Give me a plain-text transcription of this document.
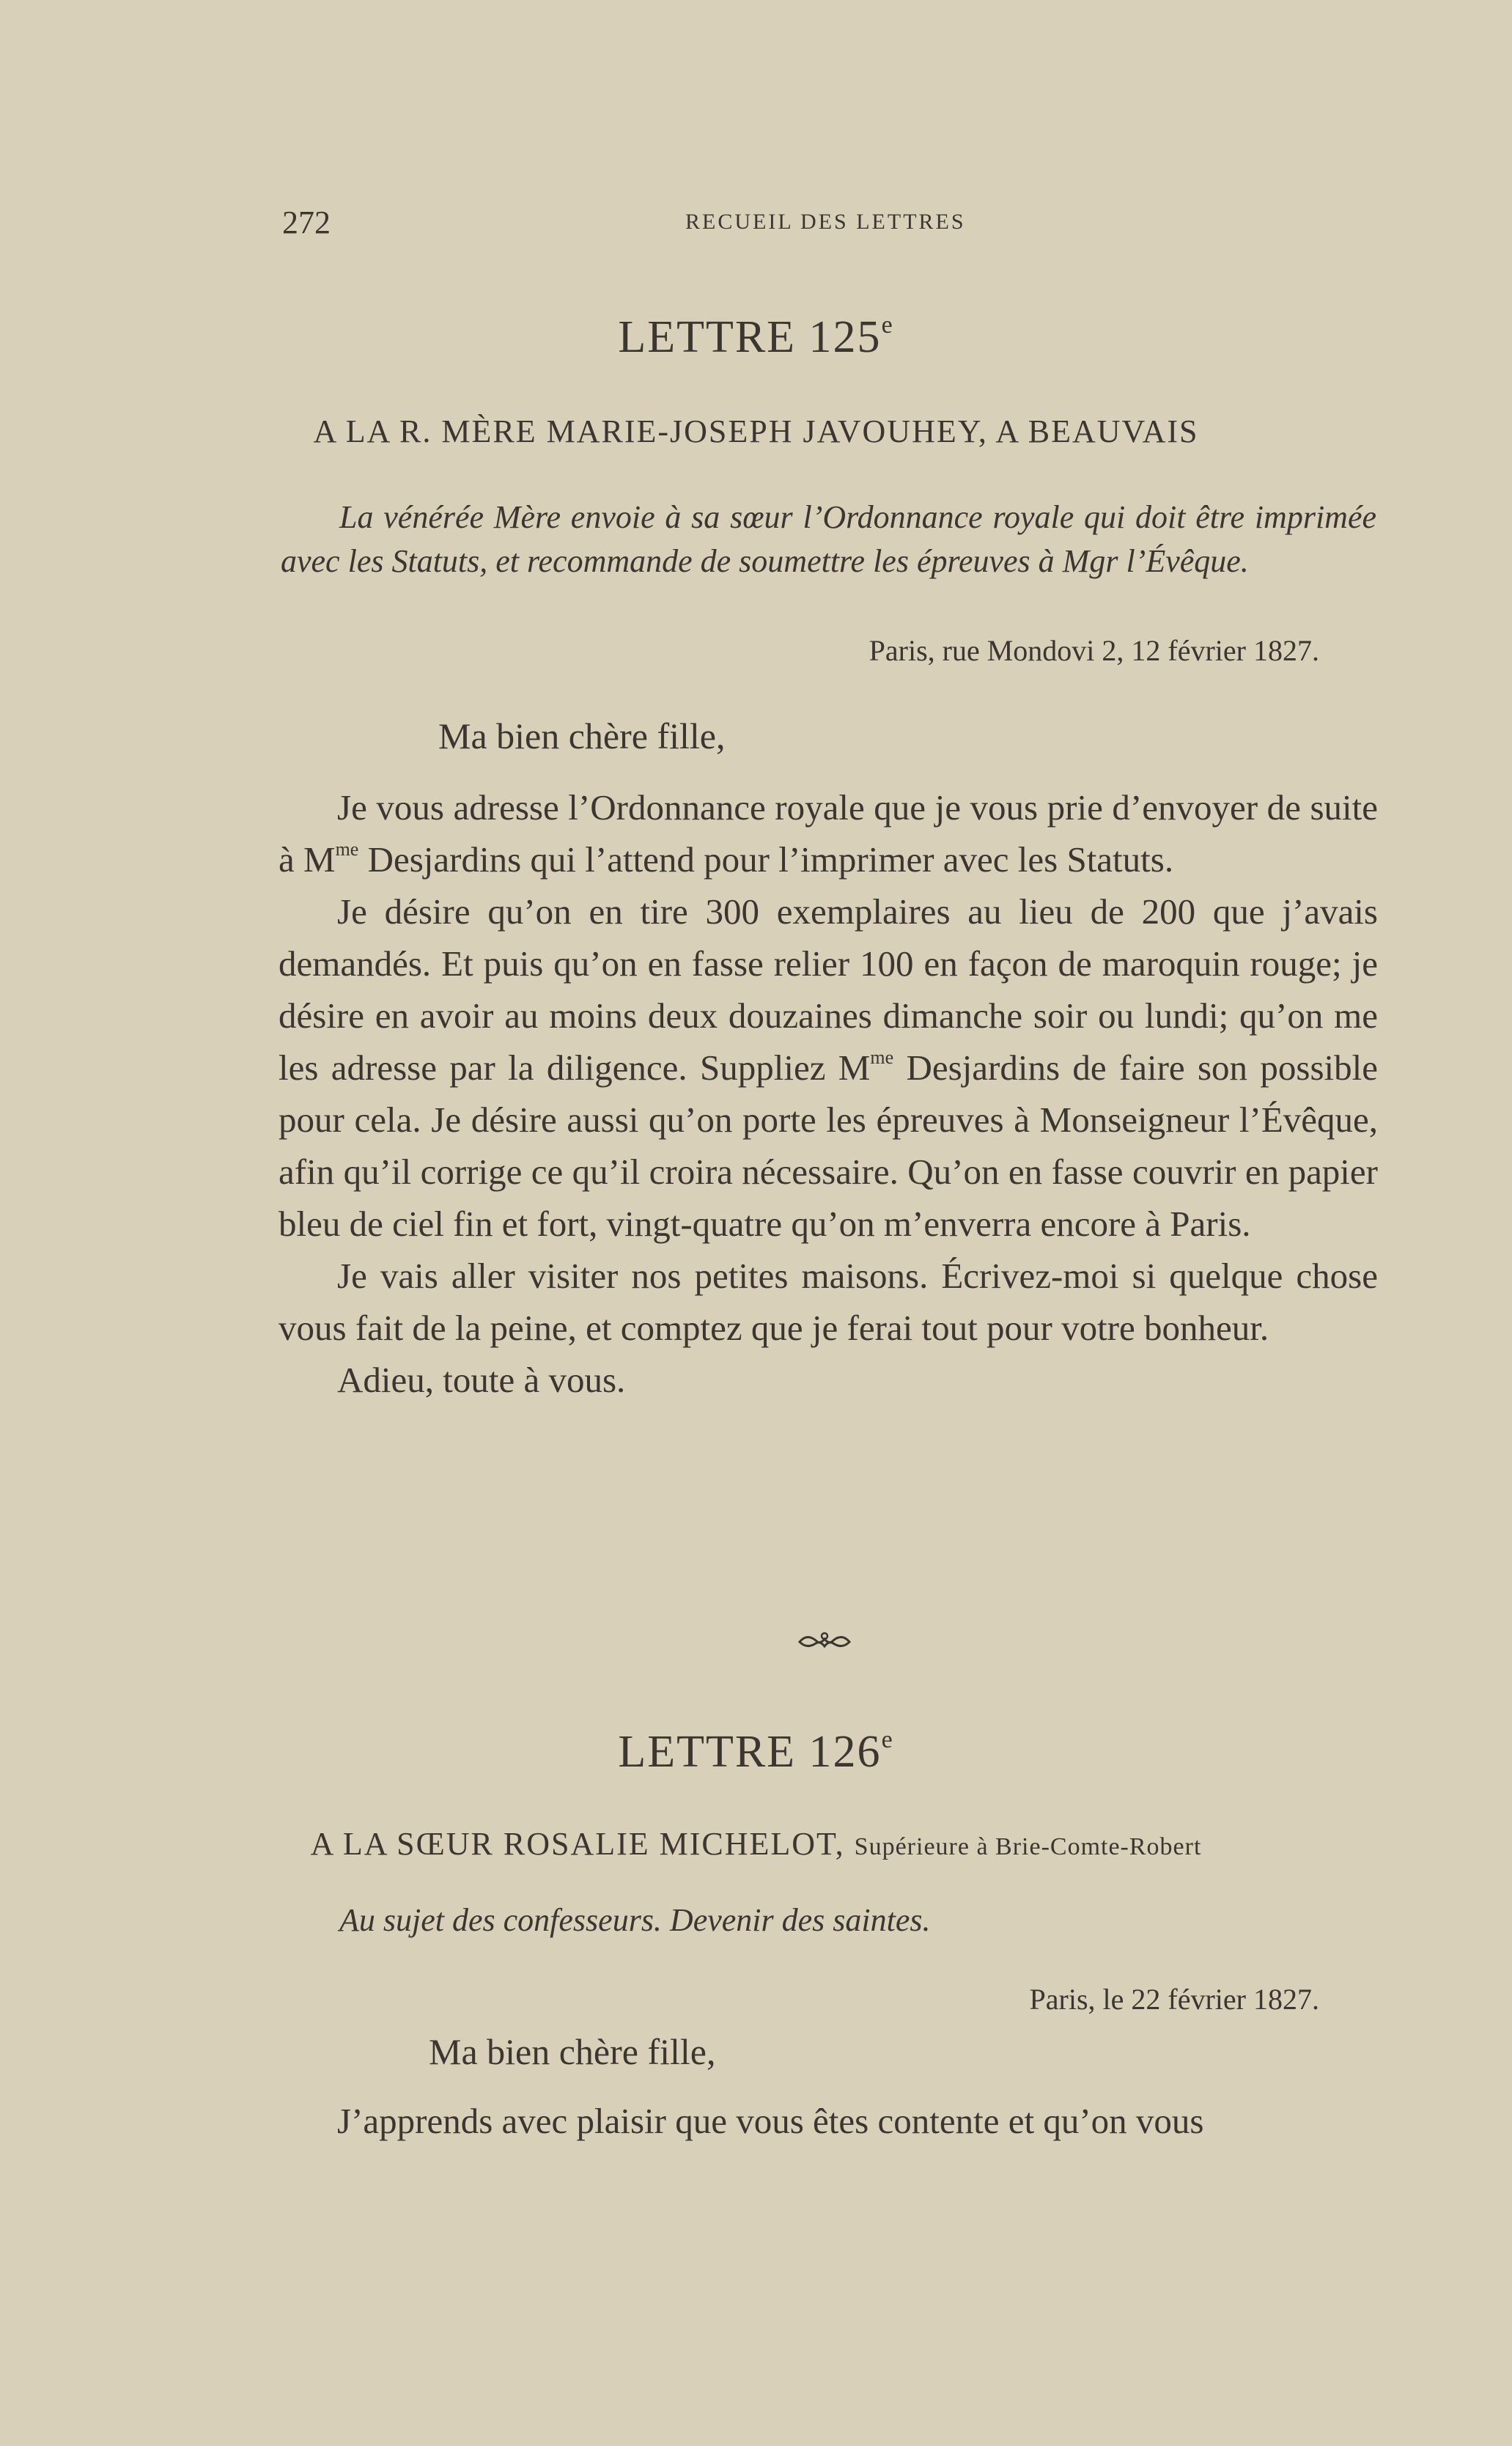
272	RECUEIL DES LETTRES
LETTRE 125e
A LA R. MÈRE MARIE-JOSEPH JAVOUHEY, A BEAUVAIS
La vénérée Mère envoie à sa sœur l’Ordonnance royale qui doit être imprimée avec les Statuts, et recommande de soumettre les épreuves à Mgr l’Évêque.
Paris, rue Mondovi 2, 12 février 1827.
Ma bien chère fille,

Je vous adresse l’Ordonnance royale que je vous prie d’envoyer de suite à $M^{me}$ Desjardins qui l’attend pour l’imprimer avec les Statuts.

Je désire qu’on en tire 300 exemplaires au lieu de 200 que j’avais demandés. Et puis qu’on en fasse relier 100 en façon de maroquin rouge; je désire en avoir au moins deux douzaines dimanche soir ou lundi; qu’on me les adresse par la diligence. Suppliez $M^{me}$ Desjardins de faire son possible pour cela. Je désire aussi qu’on porte les épreuves à Monseigneur l’Évêque, afin qu’il corrige ce qu’il croira nécessaire. Qu’on en fasse couvrir en papier bleu de ciel fin et fort, vingt-quatre qu’on m’enverra encore à Paris.

Je vais aller visiter nos petites maisons. Écrivez-moi si quelque chose vous fait de la peine, et comptez que je ferai tout pour votre bonheur.

Adieu, toute à vous.

LETTRE 126e
A LA SŒUR ROSALIE MICHELOT, Supérieure à Brie-Comte-Robert
Au sujet des confesseurs. Devenir des saintes.
Paris, le 22 février 1827.
Ma bien chère fille,

J’apprends avec plaisir que vous êtes contente et qu’on vous
